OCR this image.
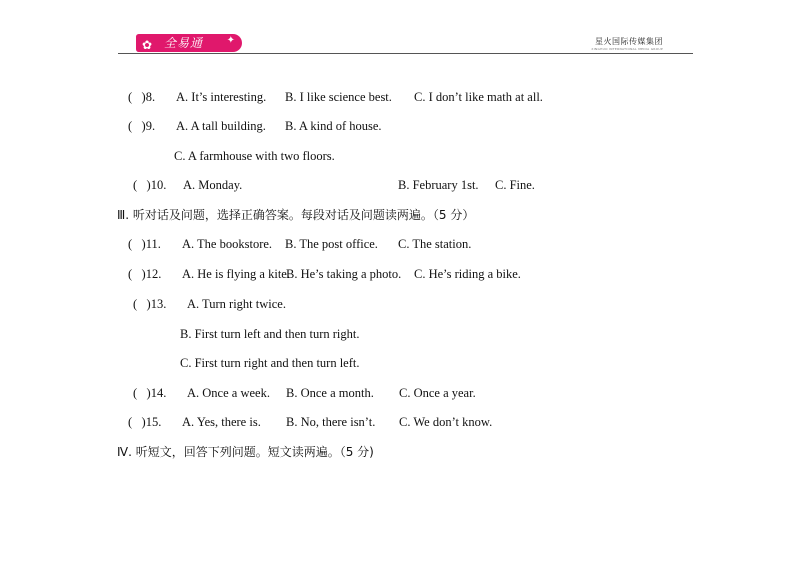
✿ 全易通 ✦	星火国际传媒集团
XINGHUO INTERNATIONAL MEDIA GROUP
(   )8. A. It’s interesting. B. I like science best. C. I don’t like math at all.
(   )9. A. A tall building. B. A kind of house.
C. A farmhouse with two floors.
(   )10. A. Monday.	B. February 1st. C. Fine.
Ⅲ. 听对话及问题，选择正确答案。每段对话及问题读两遍。（5 分）
(   )11. A. The bookstore. B. The post office. C. The station.
(   )12. A. He is flying a kite.
B. He’s taking a photo. C. He’s riding a bike.
(   )13. A. Turn right twice.
B. First turn left and then turn right.
C. First turn right and then turn left.
(   )14. A. Once a week. B. Once a month. C. Once a year.
(   )15. A. Yes, there is. B. No, there isn’t. C. We don’t know.
Ⅳ. 听短文，回答下列问题。短文读两遍。（5 分)
